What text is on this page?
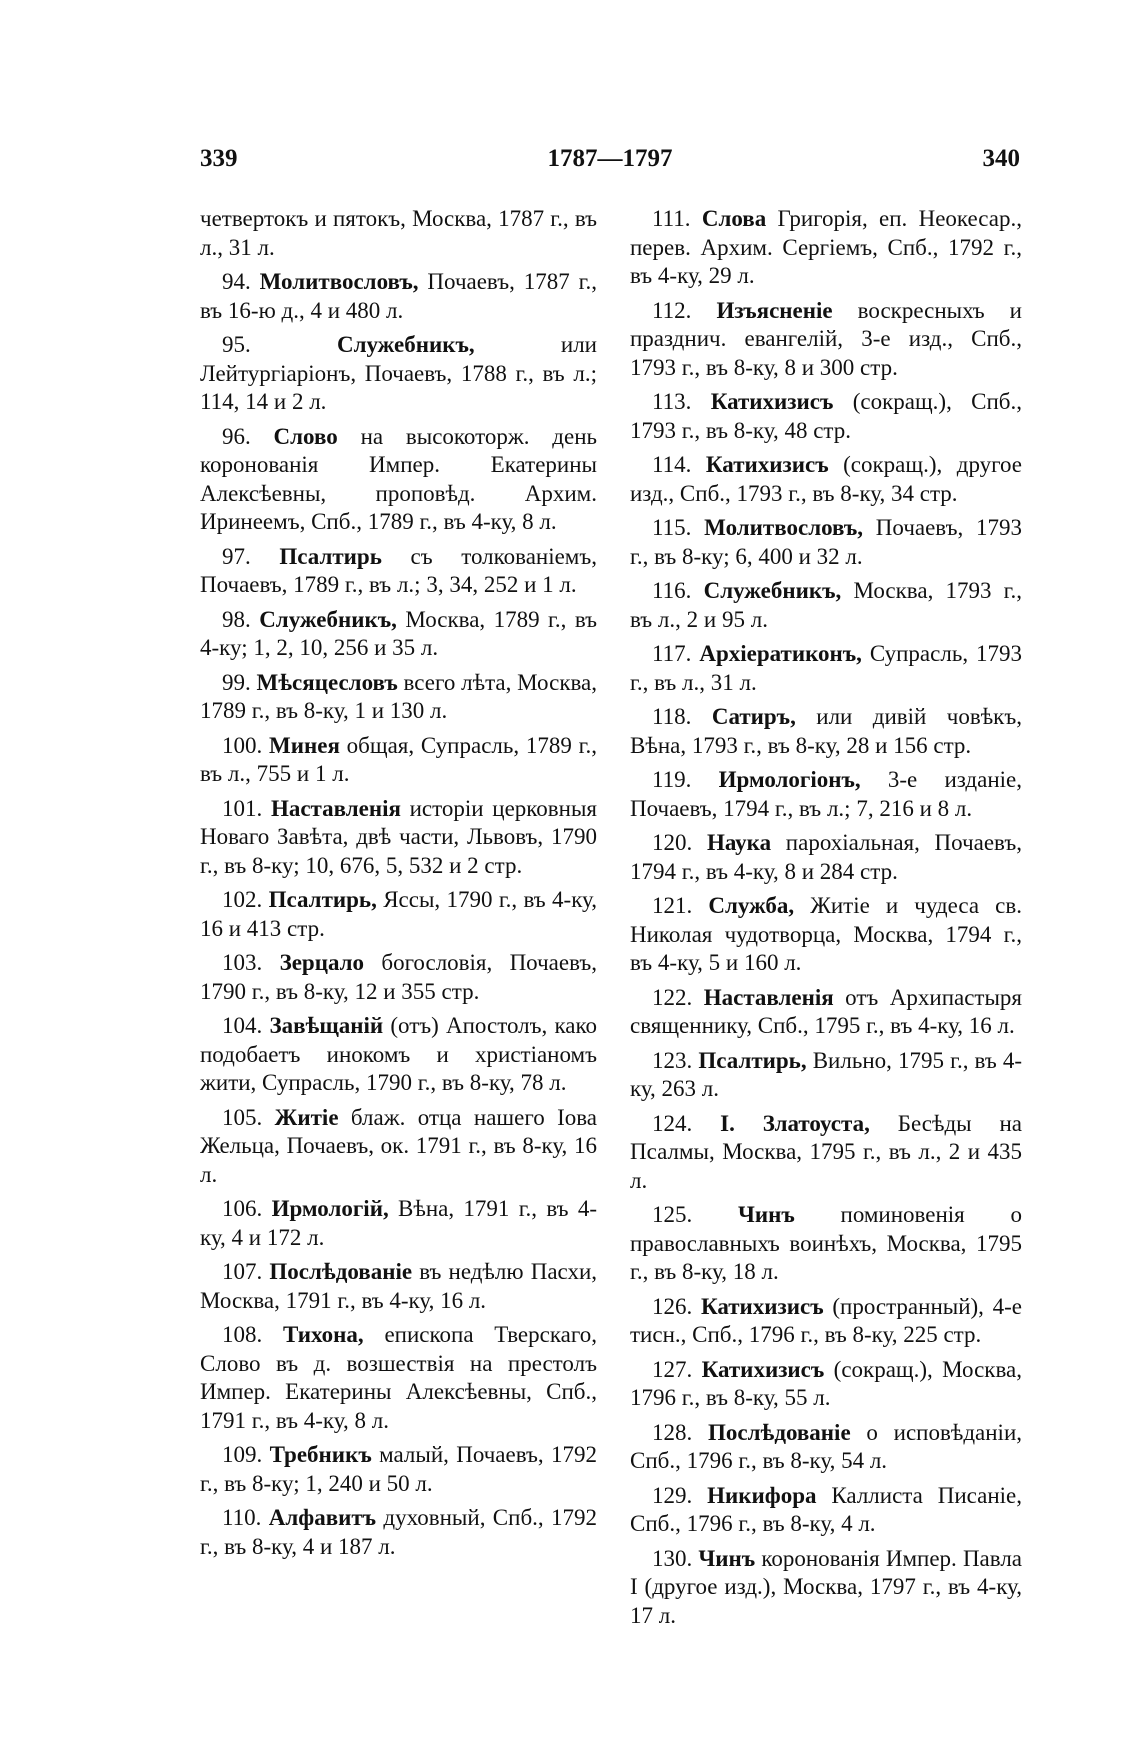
339	1787—1797	340

четвертокъ и пятокъ, Москва, 1787 г., въ л., 31 л.

94. Молитвословъ, Почаевъ, 1787 г., въ 16-ю д., 4 и 480 л.

95.	Служебникъ, или Лейтургіаріонъ, Почаевъ, 1788 г., въ л.; 114, 14 и 2 л.

96. Слово на высокоторж. день коронованія Импер. Екатерины Алексѣевны, проповѣд. Архим. Иринеемъ, Спб., 1789 г., въ 4-ку, 8 л.

97. Псалтирь съ толкованіемъ, Почаевъ, 1789 г., въ л.; 3, 34, 252 и 1 л.

98. Служебникъ, Москва, 1789 г., въ 4-ку; 1, 2, 10, 256 и 35 л.

99. Мѣсяцесловъ всего лѣта, Москва, 1789 г., въ 8-ку, 1 и 130 л.

100. Минея общая, Супрасль, 1789 г., въ л., 755 и 1 л.

101. Наставленія исторіи церковныя Новаго Завѣта, двѣ части, Львовъ, 1790 г., въ 8-ку; 10, 676, 5, 532 и 2 стр.

102. Псалтирь, Яссы, 1790 г., въ 4-ку, 16 и 413 стр.

103. Зерцало богословія, Почаевъ, 1790 г., въ 8-ку, 12 и 355 стр.

104. Завѣщаній (отъ) Апостолъ, како подобаетъ инокомъ и христіаномъ жити, Супрасль, 1790 г., въ 8-ку, 78 л.

105. Житіе блаж. отца нашего Іова Жельца, Почаевъ, ок. 1791 г., въ 8-ку, 16 л.

106. Ирмологій, Вѣна, 1791 г., въ 4-ку, 4 и 172 л.

107. Послѣдованіе въ недѣлю Пасхи, Москва, 1791 г., въ 4-ку, 16 л.

108. Тихона, епископа Тверскаго, Слово въ д. возшествія на престолъ Импер. Екатерины Алексѣевны, Спб., 1791 г., въ 4-ку, 8 л.

109. Требникъ малый, Почаевъ, 1792 г., въ 8-ку; 1, 240 и 50 л.

110. Алфавитъ духовный, Спб., 1792 г., въ 8-ку, 4 и 187 л.

111. Слова Григорія, еп. Неокесар., перев. Архим. Сергіемъ, Спб., 1792 г., въ 4-ку, 29 л.

112. Изъясненіе воскресныхъ и празднич. евангелій, 3-е изд., Спб., 1793 г., въ 8-ку, 8 и 300 стр.

113. Катихизисъ (сокращ.), Спб., 1793 г., въ 8-ку, 48 стр.

114. Катихизисъ (сокращ.), другое изд., Спб., 1793 г., въ 8-ку, 34 стр.

115. Молитвословъ, Почаевъ, 1793 г., въ 8-ку; 6, 400 и 32 л.

116. Служебникъ, Москва, 1793 г., въ л., 2 и 95 л.

117. Архіератиконъ, Супрасль, 1793 г., въ л., 31 л.

118. Сатиръ, или дивій човѣкъ, Вѣна, 1793 г., въ 8-ку, 28 и 156 стр.

119. Ирмологіонъ, 3-е изданіе, Почаевъ, 1794 г., въ л.; 7, 216 и 8 л.

120. Наука парохіальная, Почаевъ, 1794 г., въ 4-ку, 8 и 284 стр.

121. Служба, Житіе и чудеса св. Николая чудотворца, Москва, 1794 г., въ 4-ку, 5 и 160 л.

122. Наставленія отъ Архипастыря священнику, Спб., 1795 г., въ 4-ку, 16 л.

123. Псалтирь, Вильно, 1795 г., въ 4-ку, 263 л.

124. I. Златоуста, Бесѣды на Псалмы, Москва, 1795 г., въ л., 2 и 435 л.

125. Чинъ поминовенія о православныхъ воинѣхъ, Москва, 1795 г., въ 8-ку, 18 л.

126. Катихизисъ (пространный), 4-е тисн., Спб., 1796 г., въ 8-ку, 225 стр.

127. Катихизисъ (сокращ.), Москва, 1796 г., въ 8-ку, 55 л.

128. Послѣдованіе о исповѣданіи, Спб., 1796 г., въ 8-ку, 54 л.

129. Никифора Каллиста Писаніе, Спб., 1796 г., въ 8-ку, 4 л.

130. Чинъ коронованія Импер. Павла I (другое изд.), Москва, 1797 г., въ 4-ку, 17 л.
